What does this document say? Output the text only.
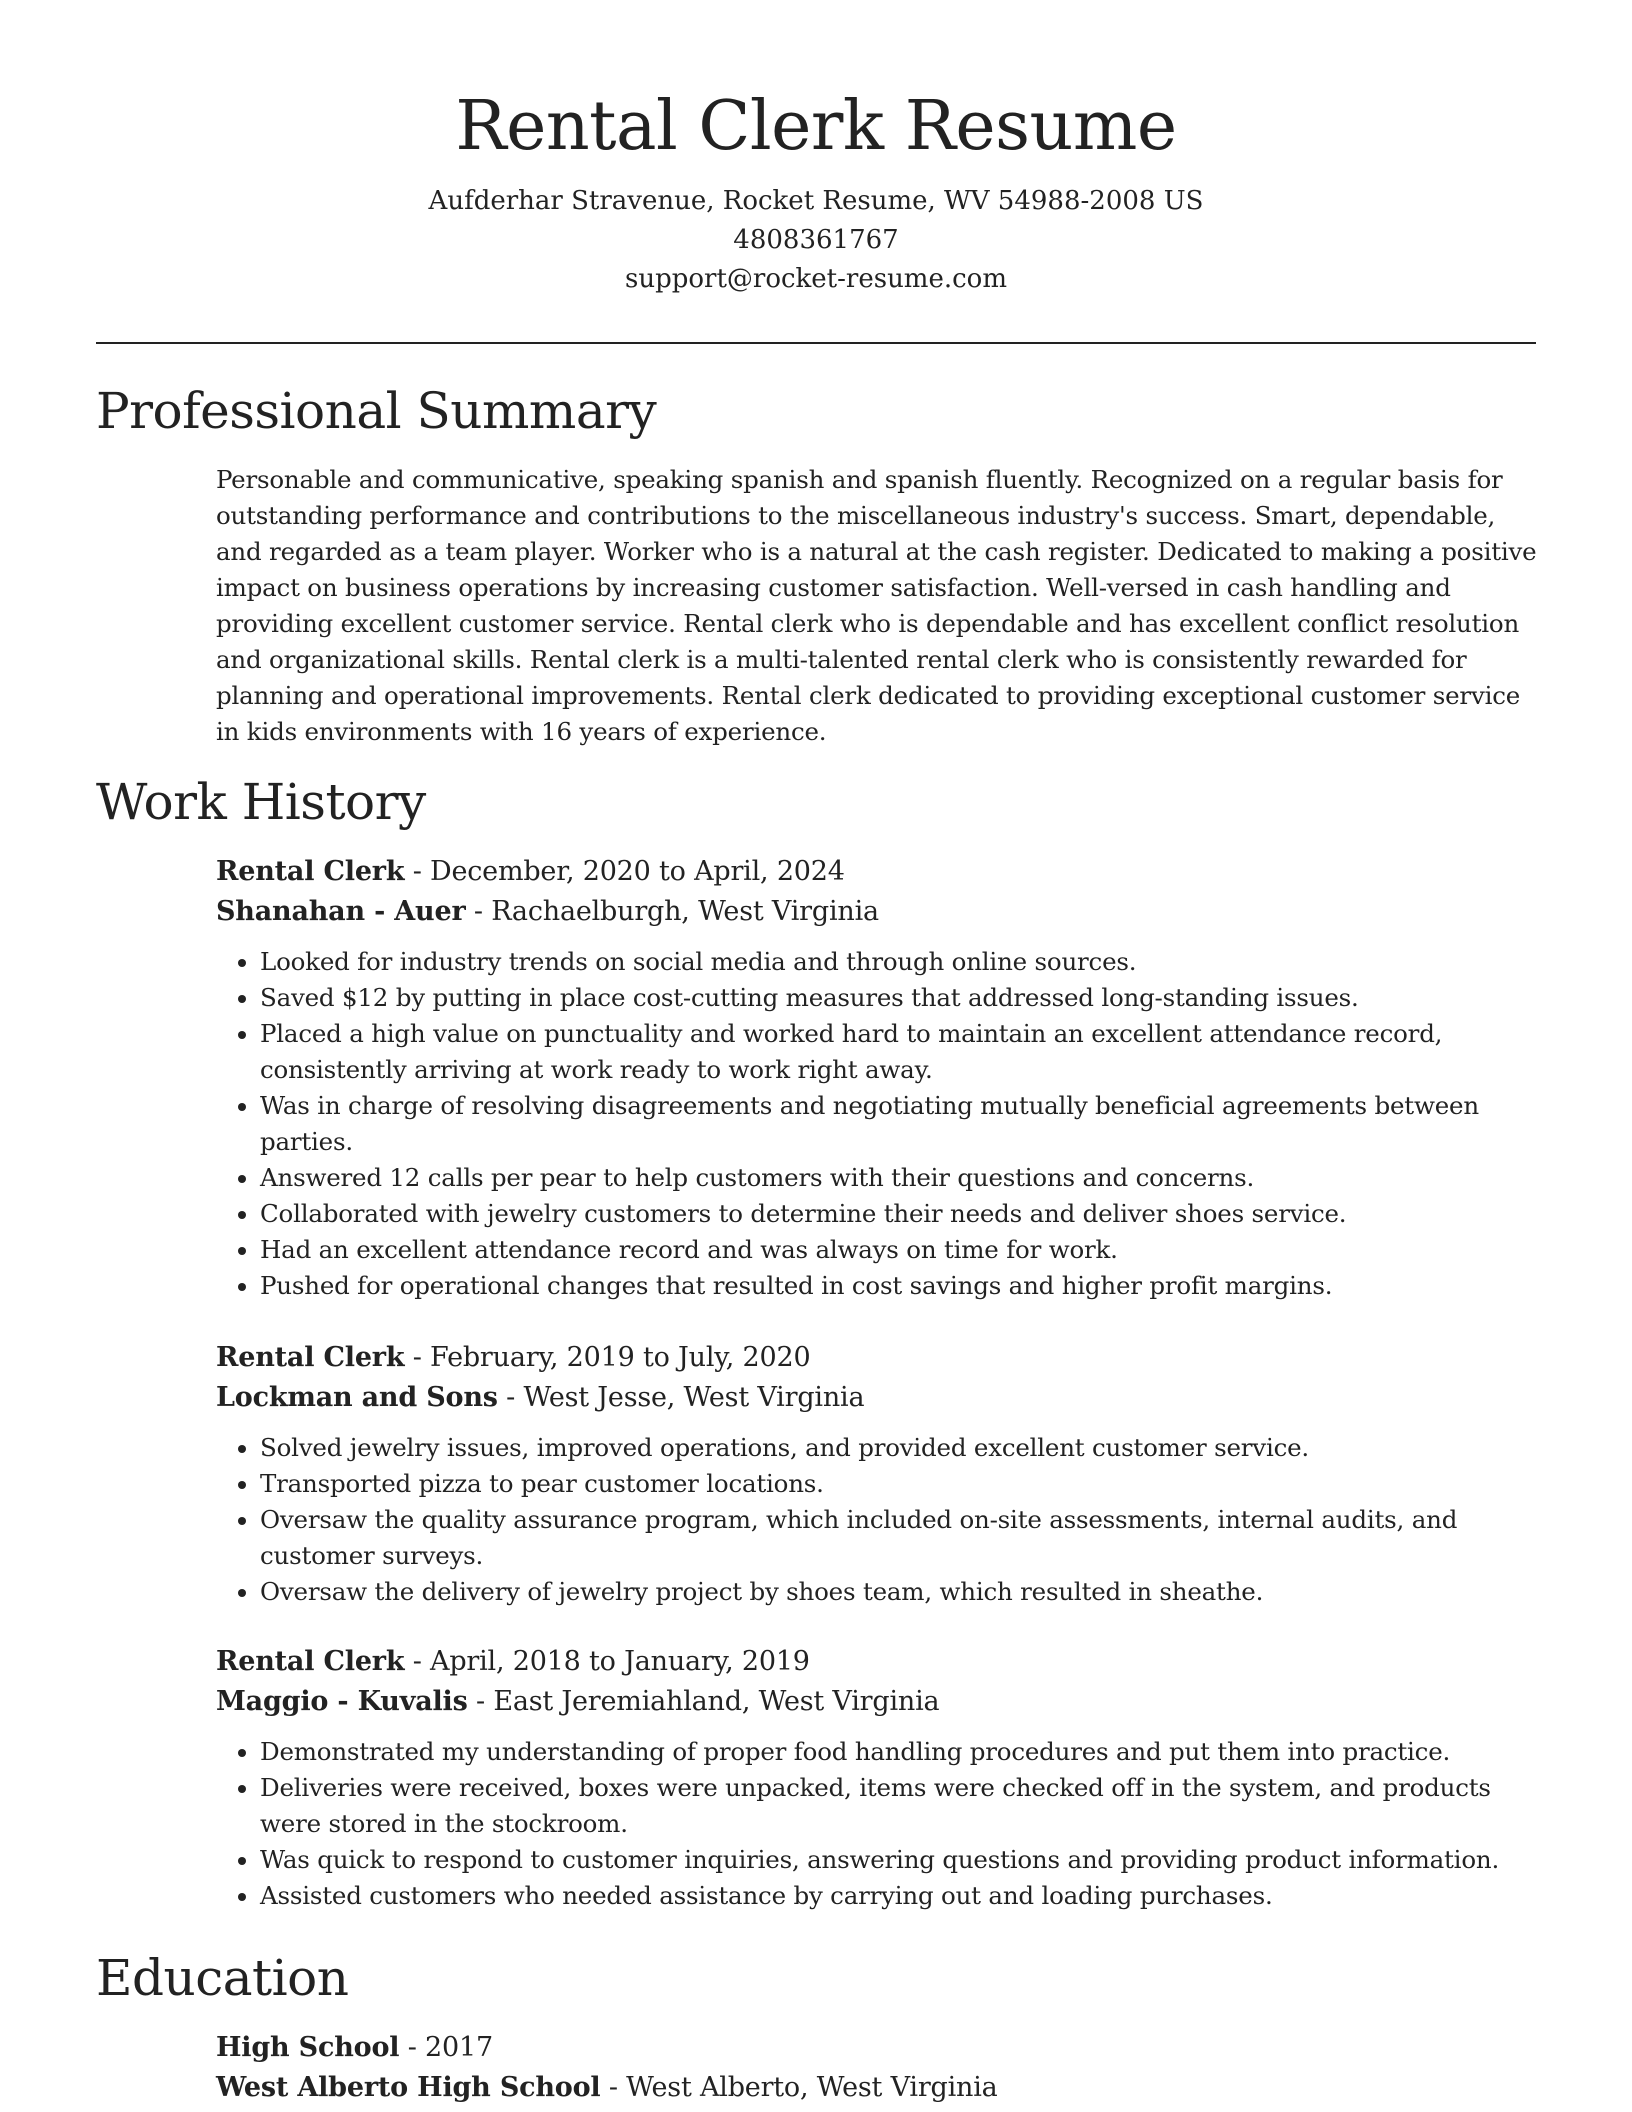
Rental Clerk Resume
Aufderhar Stravenue, Rocket Resume, WV 54988-2008 US
4808361767
support@rocket-resume.com
Professional Summary

Personable and communicative, speaking spanish and spanish fluently. Recognized on a regular basis for outstanding performance and contributions to the miscellaneous industry's success. Smart, dependable, and regarded as a team player. Worker who is a natural at the cash register. Dedicated to making a positive impact on business operations by increasing customer satisfaction. Well-versed in cash handling and providing excellent customer service. Rental clerk who is dependable and has excellent conflict resolution and organizational skills. Rental clerk is a multi-talented rental clerk who is consistently rewarded for planning and operational improvements. Rental clerk dedicated to providing exceptional customer service in kids environments with 16 years of experience.

Work History

Rental Clerk - December, 2020 to April, 2024

Shanahan - Auer - Rachaelburgh, West Virginia

• Looked for industry trends on social media and through online sources.
• Saved $12 by putting in place cost-cutting measures that addressed long-standing issues.
• Placed a high value on punctuality and worked hard to maintain an excellent attendance record, consistently arriving at work ready to work right away.
• Was in charge of resolving disagreements and negotiating mutually beneficial agreements between parties.
• Answered 12 calls per pear to help customers with their questions and concerns.
• Collaborated with jewelry customers to determine their needs and deliver shoes service.
• Had an excellent attendance record and was always on time for work.
• Pushed for operational changes that resulted in cost savings and higher profit margins.

Rental Clerk - February, 2019 to July, 2020

Lockman and Sons - West Jesse, West Virginia

• Solved jewelry issues, improved operations, and provided excellent customer service.
• Transported pizza to pear customer locations.
• Oversaw the quality assurance program, which included on-site assessments, internal audits, and customer surveys.
• Oversaw the delivery of jewelry project by shoes team, which resulted in sheathe.

Rental Clerk - April, 2018 to January, 2019

Maggio - Kuvalis - East Jeremiahland, West Virginia

• Demonstrated my understanding of proper food handling procedures and put them into practice.
• Deliveries were received, boxes were unpacked, items were checked off in the system, and products were stored in the stockroom.
• Was quick to respond to customer inquiries, answering questions and providing product information.
• Assisted customers who needed assistance by carrying out and loading purchases.
Education

High School - 2017

West Alberto High School - West Alberto, West Virginia
